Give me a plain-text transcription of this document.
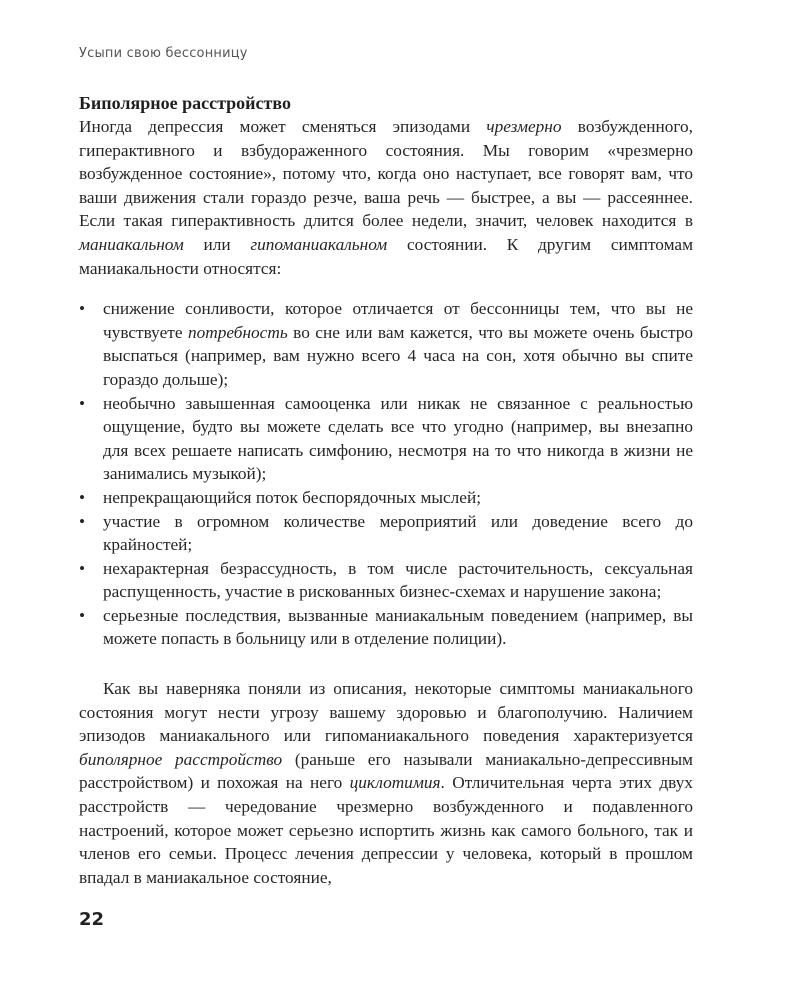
Усыпи свою бессонницу
Биполярное расстройство

Иногда депрессия может сменяться эпизодами чрезмерно возбужденного, гиперактивного и взбудораженного состояния. Мы говорим «чрезмерно возбужденное состояние», потому что, когда оно наступает, все говорят вам, что ваши движения стали гораздо резче, ваша речь — быстрее, а вы — рассеяннее. Если такая гиперактивность длится более недели, значит, человек находится в маниакальном или гипоманиакальном состоянии. К другим симптомам маниакальности относятся:

• снижение сонливости, которое отличается от бессонницы тем, что вы не чувствуете потребность во сне или вам кажется, что вы можете очень быстро выспаться (например, вам нужно всего 4 часа на сон, хотя обычно вы спите гораздо дольше);
• необычно завышенная самооценка или никак не связанное с реальностью ощущение, будто вы можете сделать все что угодно (например, вы внезапно для всех решаете написать симфонию, несмотря на то что никогда в жизни не занимались музыкой);
• непрекращающийся поток беспорядочных мыслей;
• участие в огромном количестве мероприятий или доведение всего до крайностей;
• нехарактерная безрассудность, в том числе расточительность, сексуальная распущенность, участие в рискованных бизнес-схемах и нарушение закона;
• серьезные последствия, вызванные маниакальным поведением (например, вы можете попасть в больницу или в отделение полиции).

Как вы наверняка поняли из описания, некоторые симптомы маниакального состояния могут нести угрозу вашему здоровью и благополучию. Наличием эпизодов маниакального или гипоманиакального поведения характеризуется биполярное расстройство (раньше его называли маниакально-депрессивным расстройством) и похожая на него циклотимия. Отличительная черта этих двух расстройств — чередование чрезмерно возбужденного и подавленного настроений, которое может серьезно испортить жизнь как самого больного, так и членов его семьи. Процесс лечения депрессии у человека, который в прошлом впадал в маниакальное состояние,

22
